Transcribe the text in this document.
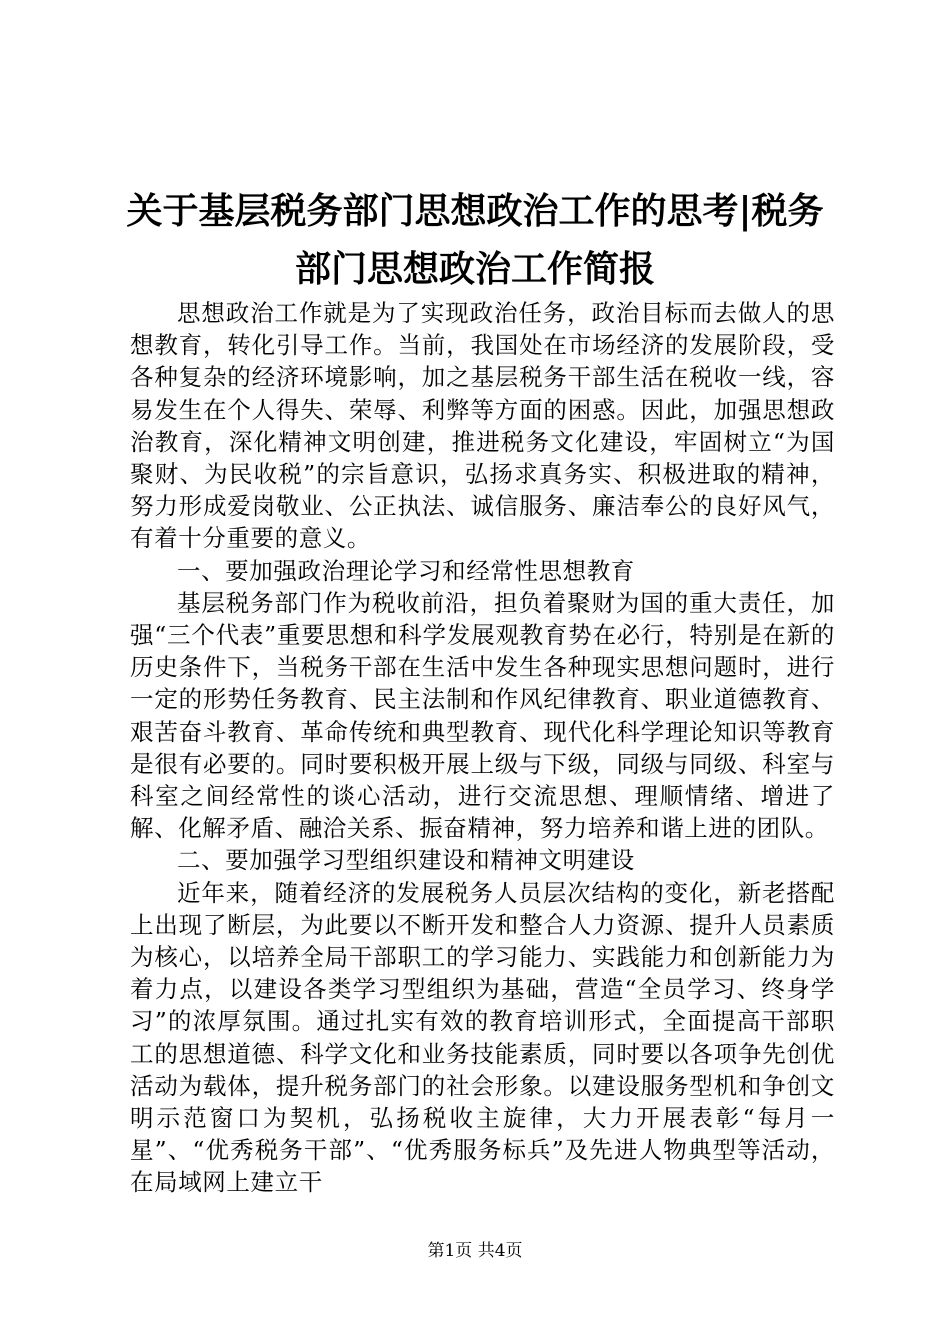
关于基层税务部门思想政治工作的思考|税务
部门思想政治工作简报

思想政治工作就是为了实现政治任务，政治目标而去做人的思想教育，转化引导工作。当前，我国处在市场经济的发展阶段，受各种复杂的经济环境影响，加之基层税务干部生活在税收一线，容易发生在个人得失、荣辱、利弊等方面的困惑。因此，加强思想政治教育，深化精神文明创建，推进税务文化建设，牢固树立“为国聚财、为民收税”的宗旨意识，弘扬求真务实、积极进取的精神，努力形成爱岗敬业、公正执法、诚信服务、廉洁奉公的良好风气，有着十分重要的意义。

一、要加强政治理论学习和经常性思想教育

基层税务部门作为税收前沿，担负着聚财为国的重大责任，加强“三个代表”重要思想和科学发展观教育势在必行，特别是在新的历史条件下，当税务干部在生活中发生各种现实思想问题时，进行一定的形势任务教育、民主法制和作风纪律教育、职业道德教育、艰苦奋斗教育、革命传统和典型教育、现代化科学理论知识等教育是很有必要的。同时要积极开展上级与下级，同级与同级、科室与科室之间经常性的谈心活动，进行交流思想、理顺情绪、增进了解、化解矛盾、融洽关系、振奋精神，努力培养和谐上进的团队。

二、要加强学习型组织建设和精神文明建设

近年来，随着经济的发展税务人员层次结构的变化，新老搭配上出现了断层，为此要以不断开发和整合人力资源、提升人员素质为核心，以培养全局干部职工的学习能力、实践能力和创新能力为着力点，以建设各类学习型组织为基础，营造“全员学习、终身学习”的浓厚氛围。通过扎实有效的教育培训形式，全面提高干部职工的思想道德、科学文化和业务技能素质，同时要以各项争先创优活动为载体，提升税务部门的社会形象。以建设服务型机和争创文明示范窗口为契机，弘扬税收主旋律，大力开展表彰“每月一星”、“优秀税务干部”、“优秀服务标兵”及先进人物典型等活动，在局域网上建立干

第1页 共4页
